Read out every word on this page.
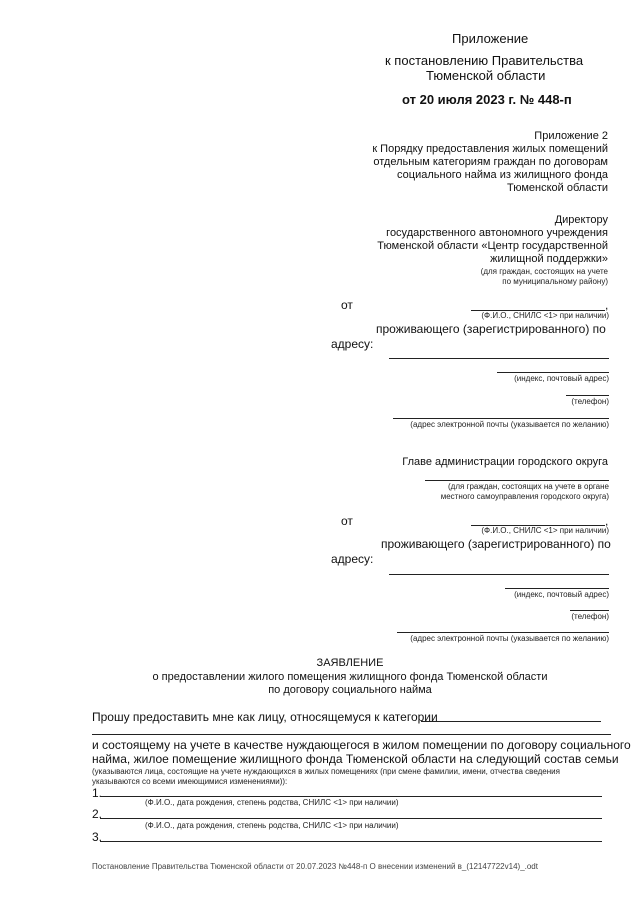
Приложение
к постановлению Правительства
Тюменской области
от 20 июля 2023 г. № 448-п
Приложение 2
к Порядку предоставления жилых помещений
отдельным категориям граждан по договорам
социального найма из жилищного фонда
Тюменской области
Директору
государственного автономного учреждения
Тюменской области «Центр государственной
жилищной поддержки»
(для граждан, состоящих на учете
по муниципальному району)
от	,
(Ф.И.О., СНИЛС <1> при наличии)
проживающего (зарегистрированного) по
адресу:
(индекс, почтовый адрес)
(телефон)
(адрес электронной почты (указывается по желанию)
Главе администрации городского округа
(для граждан, состоящих на учете в органе
местного самоуправления городского округа)
от	,
(Ф.И.О., СНИЛС <1> при наличии)
проживающего (зарегистрированного) по
адресу:
(индекс, почтовый адрес)
(телефон)
(адрес электронной почты (указывается по желанию)
ЗАЯВЛЕНИЕ
о предоставлении жилого помещения жилищного фонда Тюменской области
по договору социального найма
Прошу предоставить мне как лицу, относящемуся к категории
и состоящему на учете в качестве нуждающегося в жилом помещении по договору социального
найма, жилое помещение жилищного фонда Тюменской области на следующий состав семьи
(указываются лица, состоящие на учете нуждающихся в жилых помещениях (при смене фамилии, имени, отчества сведения
указываются со всеми имеющимися изменениями)):
1.
(Ф.И.О., дата рождения, степень родства, СНИЛС <1> при наличии)
2.
(Ф.И.О., дата рождения, степень родства, СНИЛС <1> при наличии)
3.
Постановление Правительства Тюменской области от 20.07.2023 №448-п О внесении изменений в_(12147722v14)_.odt
